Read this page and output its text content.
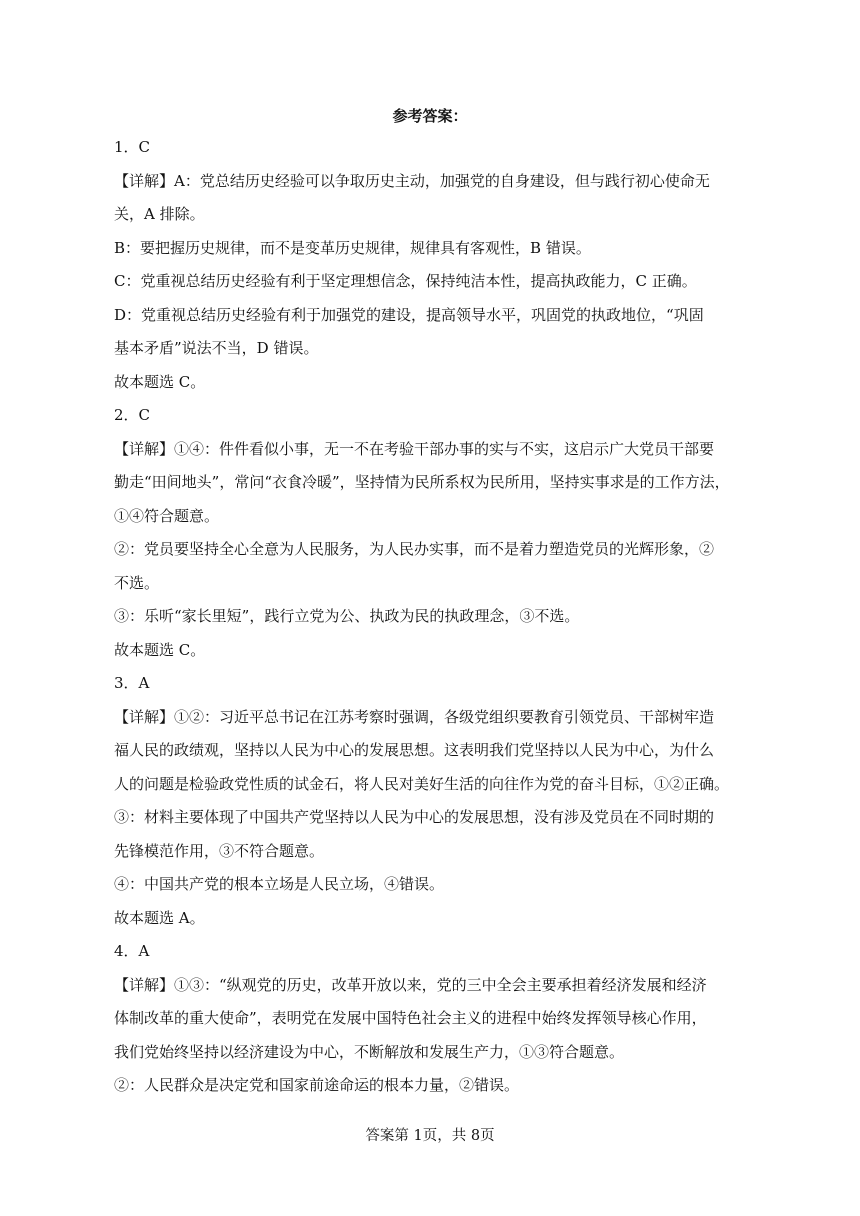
参考答案：
1．C
【详解】A：党总结历史经验可以争取历史主动，加强党的自身建设，但与践行初心使命无
关，A 排除。
B：要把握历史规律，而不是变革历史规律，规律具有客观性，B 错误。
C：党重视总结历史经验有利于坚定理想信念，保持纯洁本性，提高执政能力，C 正确。
D：党重视总结历史经验有利于加强党的建设，提高领导水平，巩固党的执政地位，“巩固
基本矛盾”说法不当，D 错误。
故本题选 C。
2．C
【详解】①④：件件看似小事，无一不在考验干部办事的实与不实，这启示广大党员干部要
勤走“田间地头”，常问“衣食冷暖”，坚持情为民所系权为民所用，坚持实事求是的工作方法，
①④符合题意。
②：党员要坚持全心全意为人民服务，为人民办实事，而不是着力塑造党员的光辉形象，②
不选。
③：乐听“家长里短”，践行立党为公、执政为民的执政理念，③不选。
故本题选 C。
3．A
【详解】①②：习近平总书记在江苏考察时强调，各级党组织要教育引领党员、干部树牢造
福人民的政绩观，坚持以人民为中心的发展思想。这表明我们党坚持以人民为中心，为什么
人的问题是检验政党性质的试金石，将人民对美好生活的向往作为党的奋斗目标，①②正确。
③：材料主要体现了中国共产党坚持以人民为中心的发展思想，没有涉及党员在不同时期的
先锋模范作用，③不符合题意。
④：中国共产党的根本立场是人民立场，④错误。
故本题选 A。
4．A
【详解】①③：“纵观党的历史，改革开放以来，党的三中全会主要承担着经济发展和经济
体制改革的重大使命”，表明党在发展中国特色社会主义的进程中始终发挥领导核心作用，
我们党始终坚持以经济建设为中心，不断解放和发展生产力，①③符合题意。
②：人民群众是决定党和国家前途命运的根本力量，②错误。
答案第 1页，共 8页
